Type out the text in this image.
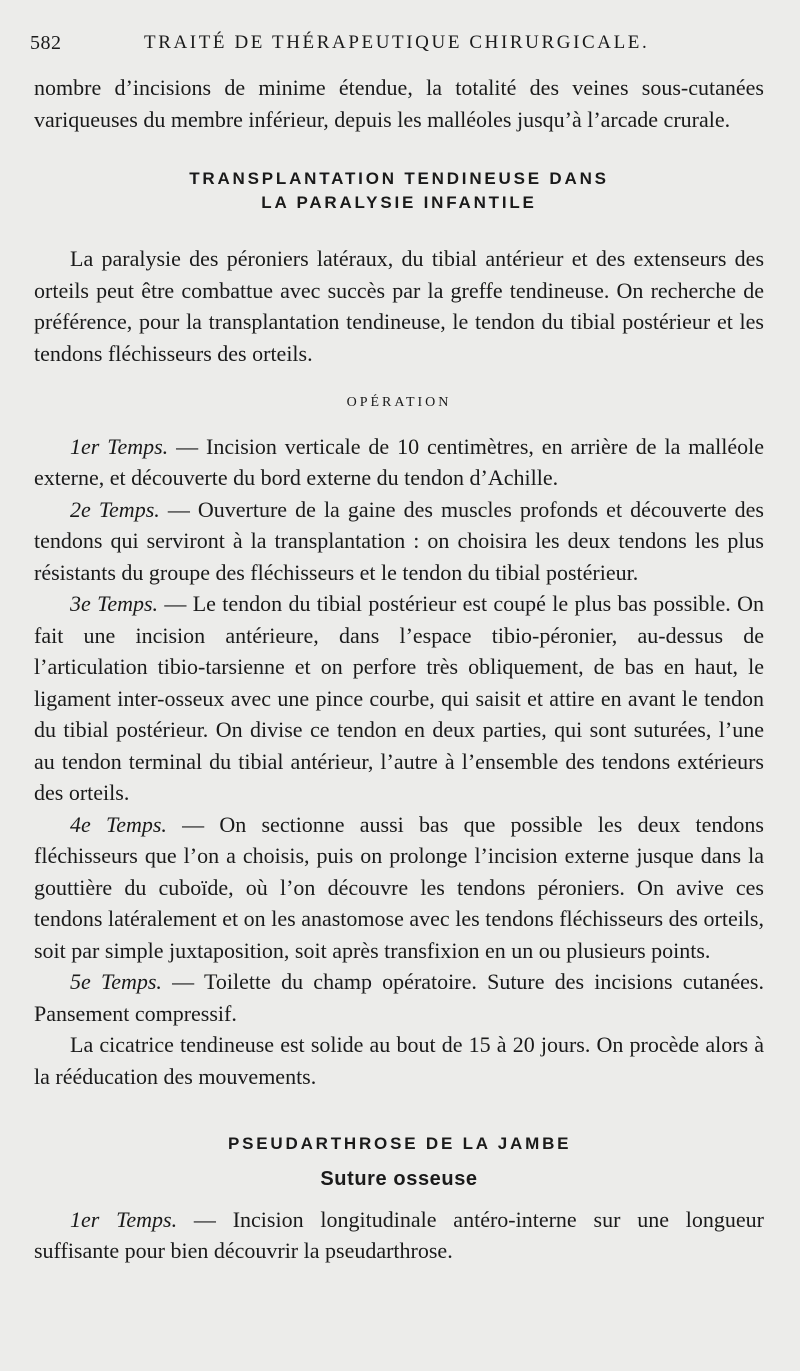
582	TRAITÉ DE THÉRAPEUTIQUE CHIRURGICALE.

nombre d’incisions de minime étendue, la totalité des veines sous-cutanées variqueuses du membre inférieur, depuis les malléoles jusqu’à l’arcade crurale.

TRANSPLANTATION TENDINEUSE DANS
LA PARALYSIE INFANTILE

La paralysie des péroniers latéraux, du tibial antérieur et des extenseurs des orteils peut être combattue avec succès par la greffe tendineuse. On recherche de préférence, pour la transplantation tendineuse, le tendon du tibial postérieur et les tendons fléchisseurs des orteils.

OPÉRATION

1er Temps. — Incision verticale de 10 centimètres, en arrière de la malléole externe, et découverte du bord externe du tendon d’Achille.

2e Temps. — Ouverture de la gaine des muscles profonds et découverte des tendons qui serviront à la transplantation : on choisira les deux tendons les plus résistants du groupe des fléchisseurs et le tendon du tibial postérieur.

3e Temps. — Le tendon du tibial postérieur est coupé le plus bas possible. On fait une incision antérieure, dans l’espace tibio-péronier, au-dessus de l’articulation tibio-tarsienne et on perfore très obliquement, de bas en haut, le ligament inter-osseux avec une pince courbe, qui saisit et attire en avant le tendon du tibial postérieur. On divise ce tendon en deux parties, qui sont suturées, l’une au tendon terminal du tibial antérieur, l’autre à l’ensemble des tendons extérieurs des orteils.

4e Temps. — On sectionne aussi bas que possible les deux tendons fléchisseurs que l’on a choisis, puis on prolonge l’incision externe jusque dans la gouttière du cuboïde, où l’on découvre les tendons péroniers. On avive ces tendons latéralement et on les anastomose avec les tendons fléchisseurs des orteils, soit par simple juxtaposition, soit après transfixion en un ou plusieurs points.

5e Temps. — Toilette du champ opératoire. Suture des incisions cutanées. Pansement compressif.

La cicatrice tendineuse est solide au bout de 15 à 20 jours. On procède alors à la rééducation des mouvements.

PSEUDARTHROSE DE LA JAMBE

Suture osseuse

1er Temps. — Incision longitudinale antéro-interne sur une longueur suffisante pour bien découvrir la pseudarthrose.
